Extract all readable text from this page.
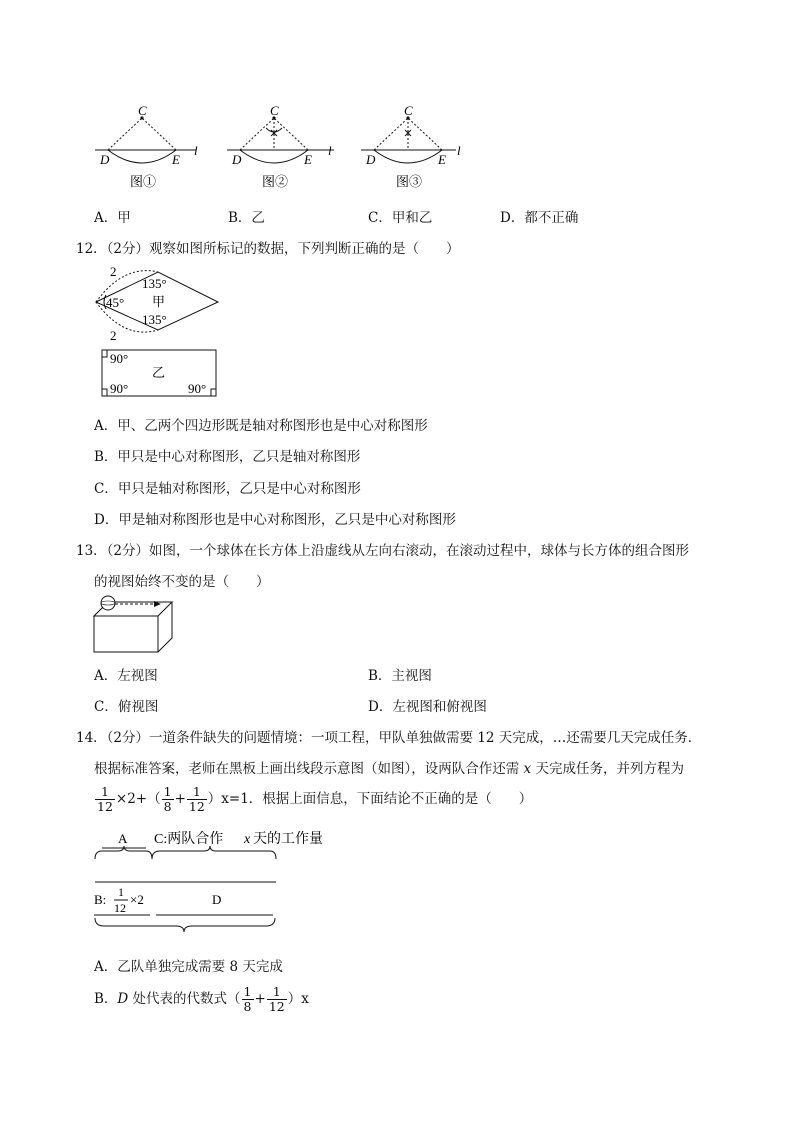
C
D	E
l
图①
C
D	E
l
图②
C
D	E
l
图③
A．甲	B．乙	C．甲和乙	D．都不正确
12．（2分）观察如图所标记的数据，下列判断正确的是（　　）
2
2
45°
135°
甲
135°
90°
乙
90°	90°
A．甲、乙两个四边形既是轴对称图形也是中心对称图形
B．甲只是中心对称图形，乙只是轴对称图形
C．甲只是轴对称图形，乙只是中心对称图形
D．甲是轴对称图形也是中心对称图形，乙只是中心对称图形
13．（2分）如图，一个球体在长方体上沿虚线从左向右滚动，在滚动过程中，球体与长方体的组合图形
的视图始终不变的是（　　）
A．左视图	B．主视图
C．俯视图	D．左视图和俯视图
14．（2分）一道条件缺失的问题情境：一项工程，甲队单独做需要 12 天完成，…还需要几天完成任务．
根据标准答案，老师在黑板上画出线段示意图（如图），设两队合作还需 x 天完成任务，并列方程为
$\frac{1}{12} \times 2+( \frac{1}{8} + \frac{1}{12} )x=1$．根据上面信息，下面结论不正确的是（　　）
A C:两队合作 x 天的工作量
B: 1
12
×2	D
A．乙队单独完成需要 8 天完成
B．D 处代表的代数式（ $\frac{1}{8} + \frac{1}{12} )x$
